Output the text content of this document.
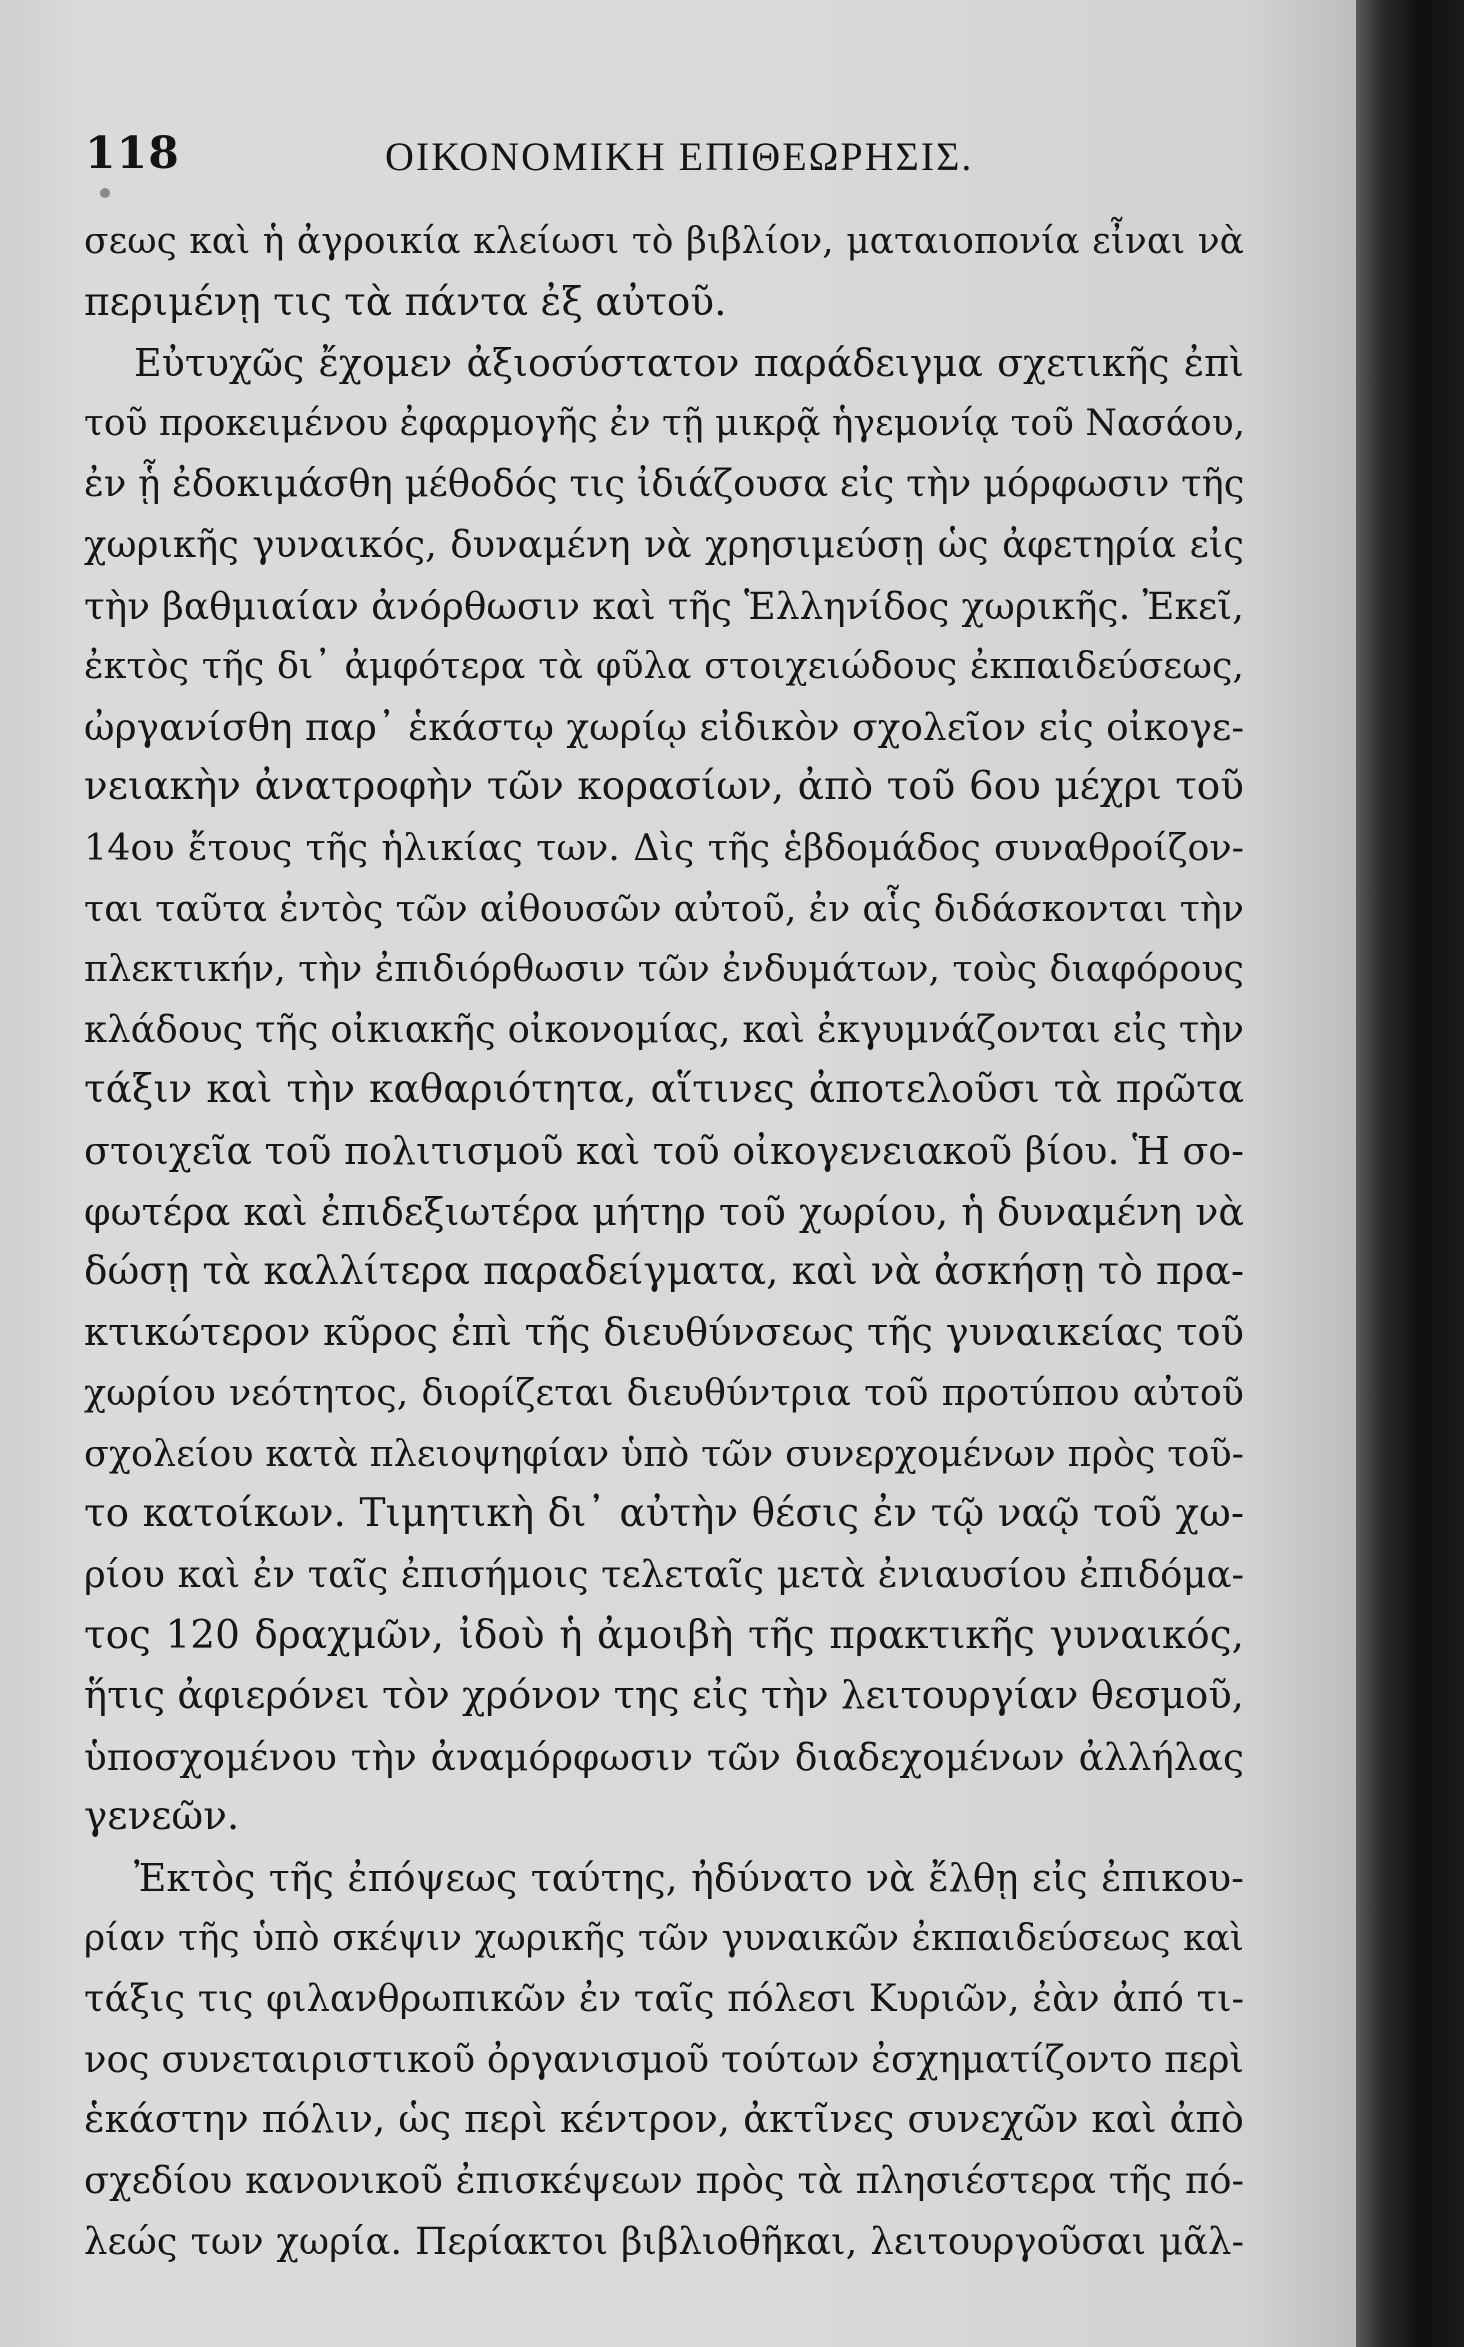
118	ΟΙΚΟΝΟΜΙΚΗ ΕΠΙΘΕΩΡΗΣΙΣ.
σεως καὶ ἡ ἀγροικία κλείωσι τὸ βιβλίον, ματαιοπονία εἶναι νὰ
περιμένῃ τις τὰ πάντα ἐξ αὐτοῦ.
Εὐτυχῶς ἔχομεν ἀξιοσύστατον παράδειγμα σχετικῆς ἐπὶ
τοῦ προκειμένου ἐφαρμογῆς ἐν τῇ μικρᾷ ἡγεμονίᾳ τοῦ Νασάου,
ἐν ᾗ ἐδοκιμάσθη μέθοδός τις ἰδιάζουσα εἰς τὴν μόρφωσιν τῆς
χωρικῆς γυναικός, δυναμένη νὰ χρησιμεύσῃ ὡς ἀφετηρία εἰς
τὴν βαθμιαίαν ἀνόρθωσιν καὶ τῆς Ἑλληνίδος χωρικῆς. Ἐκεῖ,
ἐκτὸς τῆς δι᾽ ἀμφότερα τὰ φῦλα στοιχειώδους ἐκπαιδεύσεως,
ὠργανίσθη παρ᾽ ἑκάστῳ χωρίῳ εἰδικὸν σχολεῖον εἰς οἰκογε-
νειακὴν ἀνατροφὴν τῶν κορασίων, ἀπὸ τοῦ 6ου μέχρι τοῦ
14ου ἔτους τῆς ἡλικίας των. Δὶς τῆς ἑβδομάδος συναθροίζον-
ται ταῦτα ἐντὸς τῶν αἰθουσῶν αὐτοῦ, ἐν αἷς διδάσκονται τὴν
πλεκτικήν, τὴν ἐπιδιόρθωσιν τῶν ἐνδυμάτων, τοὺς διαφόρους
κλάδους τῆς οἰκιακῆς οἰκονομίας, καὶ ἐκγυμνάζονται εἰς τὴν
τάξιν καὶ τὴν καθαριότητα, αἵτινες ἀποτελοῦσι τὰ πρῶτα
στοιχεῖα τοῦ πολιτισμοῦ καὶ τοῦ οἰκογενειακοῦ βίου. Ἡ σο-
φωτέρα καὶ ἐπιδεξιωτέρα μήτηρ τοῦ χωρίου, ἡ δυναμένη νὰ
δώσῃ τὰ καλλίτερα παραδείγματα, καὶ νὰ ἀσκήσῃ τὸ πρα-
κτικώτερον κῦρος ἐπὶ τῆς διευθύνσεως τῆς γυναικείας τοῦ
χωρίου νεότητος, διορίζεται διευθύντρια τοῦ προτύπου αὐτοῦ
σχολείου κατὰ πλειοψηφίαν ὑπὸ τῶν συνερχομένων πρὸς τοῦ-
το κατοίκων. Τιμητικὴ δι᾽ αὐτὴν θέσις ἐν τῷ ναῷ τοῦ χω-
ρίου καὶ ἐν ταῖς ἐπισήμοις τελεταῖς μετὰ ἐνιαυσίου ἐπιδόμα-
τος 120 δραχμῶν, ἰδοὺ ἡ ἀμοιβὴ τῆς πρακτικῆς γυναικός,
ἥτις ἀφιερόνει τὸν χρόνον της εἰς τὴν λειτουργίαν θεσμοῦ,
ὑποσχομένου τὴν ἀναμόρφωσιν τῶν διαδεχομένων ἀλλήλας
γενεῶν.
Ἐκτὸς τῆς ἐπόψεως ταύτης, ἠδύνατο νὰ ἔλθῃ εἰς ἐπικου-
ρίαν τῆς ὑπὸ σκέψιν χωρικῆς τῶν γυναικῶν ἐκπαιδεύσεως καὶ
τάξις τις φιλανθρωπικῶν ἐν ταῖς πόλεσι Κυριῶν, ἐὰν ἀπό τι-
νος συνεταιριστικοῦ ὀργανισμοῦ τούτων ἐσχηματίζοντο περὶ
ἑκάστην πόλιν, ὡς περὶ κέντρον, ἀκτῖνες συνεχῶν καὶ ἀπὸ
σχεδίου κανονικοῦ ἐπισκέψεων πρὸς τὰ πλησιέστερα τῆς πό-
λεώς των χωρία. Περίακτοι βιβλιοθῆκαι, λειτουργοῦσαι μᾶλ-
